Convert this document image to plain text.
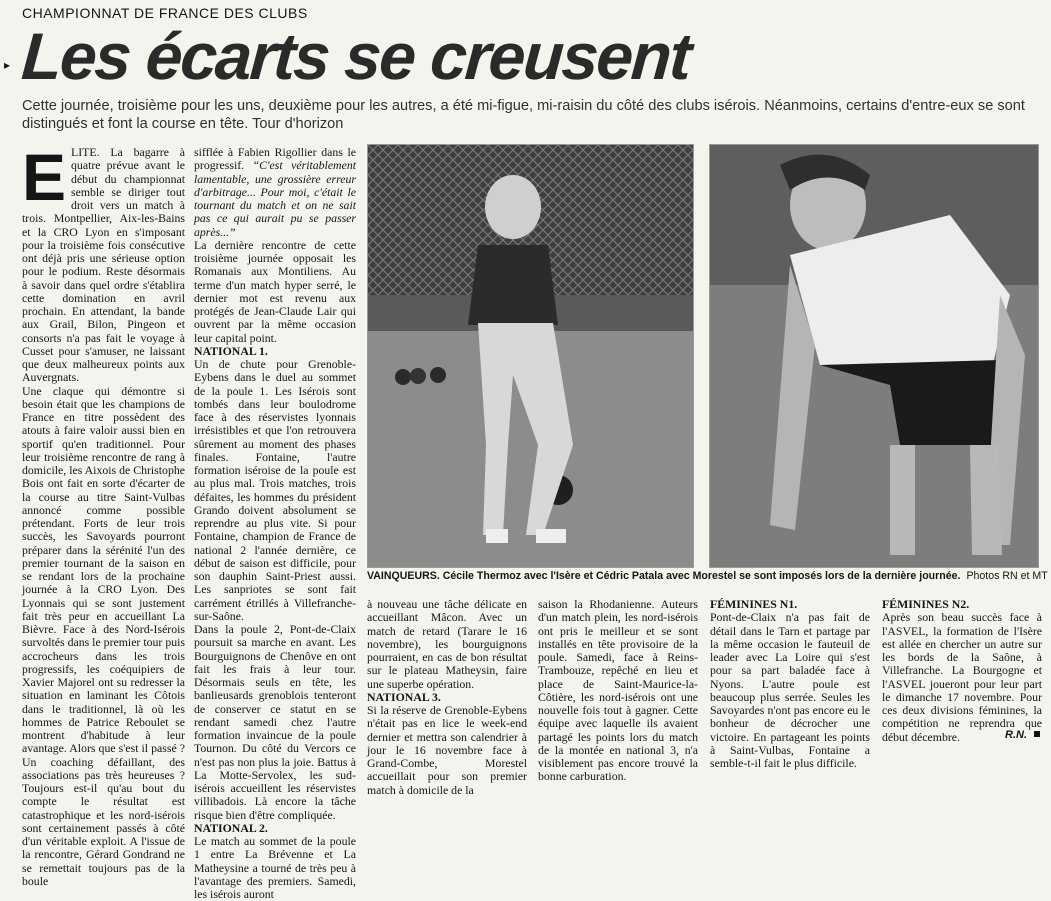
CHAMPIONNAT DE FRANCE DES CLUBS
▸ Les écarts se creusent
Cette journée, troisième pour les uns, deuxième pour les autres, a été mi-figue, mi-raisin du côté des clubs isérois. Néanmoins, certains d'entre-eux se sont distingués et font la course en tête. Tour d'horizon

ELITE. La bagarre à quatre prévue avant le début du championnat semble se diriger tout droit vers un match à trois. Montpellier, Aix-les-Bains et la CRO Lyon en s'imposant pour la troisième fois consécutive ont déjà pris une sérieuse option pour le podium. Reste désormais à savoir dans quel ordre s'établira cette domination en avril prochain. En attendant, la bande aux Grail, Bilon, Pingeon et consorts n'a pas fait le voyage à Cusset pour s'amuser, ne laissant que deux malheureux points aux Auvergnats.

Une claque qui démontre si besoin était que les champions de France en titre possèdent des atouts à faire valoir aussi bien en sportif qu'en traditionnel. Pour leur troisième rencontre de rang à domicile, les Aixois de Christophe Bois ont fait en sorte d'écarter de la course au titre Saint-Vulbas annoncé comme possible prétendant. Forts de leur trois succès, les Savoyards pourront préparer dans la sérénité l'un des premier tournant de la saison en se rendant lors de la prochaine journée à la CRO Lyon. Des Lyonnais qui se sont justement fait très peur en accueillant La Bièvre. Face à des Nord-Isérois survoltés dans le premier tour puis accrocheurs dans les trois progressifs, les coéquipiers de Xavier Majorel ont su redresser la situation en laminant les Côtois dans le traditionnel, là où les hommes de Patrice Reboulet se montrent d'habitude à leur avantage. Alors que s'est il passé ? Un coaching défaillant, des associations pas très heureuses ? Toujours est-il qu'au bout du compte le résultat est catastrophique et les nord-isérois sont certainement passés à côté d'un véritable exploit. A l'issue de la rencontre, Gérard Gondrand ne se remettait toujours pas de la boule

sifflée à Fabien Rigollier dans le progressif. “C'est véritablement lamentable, une grossière erreur d'arbitrage... Pour moi, c'était le tournant du match et on ne sait pas ce qui aurait pu se passer après...”

La dernière rencontre de cette troisième journée opposait les Romanais aux Montiliens. Au terme d'un match hyper serré, le dernier mot est revenu aux protégés de Jean-Claude Lair qui ouvrent par la même occasion leur capital point.

NATIONAL 1.

Un de chute pour Grenoble-Eybens dans le duel au sommet de la poule 1. Les Isérois sont tombés dans leur boulodrome face à des réservistes lyonnais irrésistibles et que l'on retrouvera sûrement au moment des phases finales. Fontaine, l'autre formation iséroise de la poule est au plus mal. Trois matches, trois défaites, les hommes du président Grando doivent absolument se reprendre au plus vite. Si pour Fontaine, champion de France de national 2 l'année dernière, ce début de saison est difficile, pour son dauphin Saint-Priest aussi. Les sanpriotes se sont fait carrément étrillés à Villefranche-sur-Saône.

Dans la poule 2, Pont-de-Claix poursuit sa marche en avant. Les Bourguignons de Chenôve en ont fait les frais à leur tour. Désormais seuls en tête, les banlieusards grenoblois tenteront de conserver ce statut en se rendant samedi chez l'autre formation invaincue de la poule Tournon. Du côté du Vercors ce n'est pas non plus la joie. Battus à La Motte-Servolex, les sud-isérois accueillent les réservistes villibadois. Là encore la tâche risque bien d'être compliquée.

NATIONAL 2.

Le match au sommet de la poule 1 entre La Brévenne et La Matheysine a tourné de très peu à l'avantage des premiers. Samedi, les isérois auront

VAINQUEURS. Cécile Thermoz avec l'Isère et Cédric Patala avec Morestel se sont imposés lors de la dernière journée. Photos RN et MT

à nouveau une tâche délicate en accueillant Mâcon. Avec un match de retard (Tarare le 16 novembre), les bourguignons pourraient, en cas de bon résultat sur le plateau Matheysin, faire une superbe opération.

NATIONAL 3.

Si la réserve de Grenoble-Eybens n'était pas en lice le week-end dernier et mettra son calendrier à jour le 16 novembre face à Grand-Combe, Morestel accueillait pour son premier match à domicile de la

saison la Rhodanienne. Auteurs d'un match plein, les nord-isérois ont pris le meilleur et se sont installés en tête provisoire de la poule. Samedi, face à Reins-Trambouze, repêché en lieu et place de Saint-Maurice-la-Côtière, les nord-isérois ont une nouvelle fois tout à gagner. Cette équipe avec laquelle ils avaient partagé les points lors du match de la montée en national 3, n'a visiblement pas encore trouvé la bonne carburation.

FÉMININES N1.

Pont-de-Claix n'a pas fait de détail dans le Tarn et partage par la même occasion le fauteuil de leader avec La Loire qui s'est pour sa part baladée face à Nyons. L'autre poule est beaucoup plus serrée. Seules les Savoyardes n'ont pas encore eu le bonheur de décrocher une victoire. En partageant les points à Saint-Vulbas, Fontaine a semble-t-il fait le plus difficile.

FÉMININES N2.

Après son beau succès face à l'ASVEL, la formation de l'Isère est allée en chercher un autre sur les bords de la Saône, à Villefranche. La Bourgogne et l'ASVEL joueront pour leur part le dimanche 17 novembre. Pour ces deux divisions féminines, la compétition ne reprendra que début décembre.	R.N.
